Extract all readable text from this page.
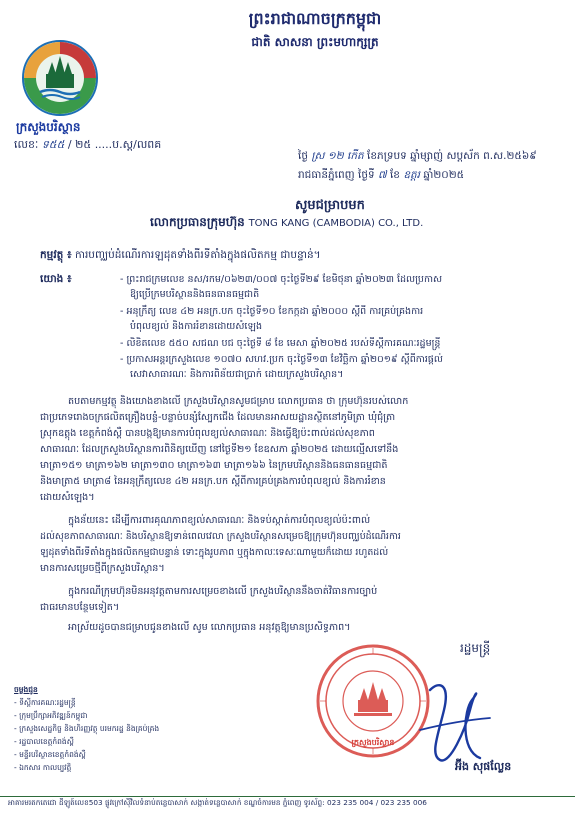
ព្រះរាជាណាចក្រកម្ពុជា
ជាតិ សាសនា ព្រះមហាក្សត្រ
ក្រសួងបរិស្ថាន
លេខៈ ទ៥៥ / ២៥ .....ប.ស្ត/លពគ
ថ្ងៃ ស្រ ១២ កើត ខែភទ្របទ ឆ្នាំម្សាញ់ សប្ដស័ក ព.ស.២៥៦៩
រាជធានីភ្នំពេញ ថ្ងៃទី ៧ ខែ ឧត្តរ ឆ្នាំ២០២៥
សូមជម្រាបមក
លោកប្រធានក្រុមហ៊ុន TONG KANG (CAMBODIA) CO., LTD.
កម្មវត្ថុ ៖ ការបញ្ឈប់ដំណើរការឡដុតទាំងពីរទីតាំងក្នុងផលិតកម្ម ជាបន្ទាន់។
យោង ៖	- ព្រះរាជក្រមលេខ នស/រកម/០៦២៣/០០៧ ចុះថ្ងៃទី២៩ ខែមិថុនា ឆ្នាំ២០២៣ ដែលប្រកាស
ឱ្យប្រើក្រមបរិស្ថាននិងធនធានធម្មជាតិ
- អនុក្រឹត្យ លេខ ៤២ អនក្រ.បក ចុះថ្ងៃទី១០ ខែកក្កដា ឆ្នាំ២០០០ ស្ដីពី ការគ្រប់គ្រងការ
បំពុលខ្យល់ និងការរំខានដោយសំឡេង
- លិខិតលេខ ៥៥០ សជណ បជ ចុះថ្ងៃទី ៨ ខែ មេសា ឆ្នាំ២០២៥ របស់ទីស្ដីការគណៈរដ្ឋមន្ត្រី
- ប្រកាសអន្តរក្រសួងលេខ ១០៧០ សហវ.ប្រក ចុះថ្ងៃទី១៣ ខែវិច្ឆិកា ឆ្នាំ២០១៩ ស្ដីពីការផ្ដល់
សេវាសាធារណៈ និងការពិន័យជាប្រាក់ ដោយក្រសួងបរិស្ថាន។
តបតាមកម្មវត្ថុ និងយោងខាងលើ ក្រសួងបរិស្ថានសូមជម្រាប លោកប្រធាន ថា ក្រុមហ៊ុនរបស់លោក
ជាប្រភេទរោងចក្រផលិតគ្រឿងបន្លំ-បន្លាច់បន្សំស្បែកជើង ដែលមានអាសយដ្ឋានស្ថិតនៅភូមិត្រា ឃុំជុំត្រា
ស្រុកឧត្ដុង ខេត្តកំពង់ស្ពឺ បានបង្កឱ្យមានការបំពុលខ្យល់សាធារណៈ និងធ្វើឱ្យប៉ះពាល់ដល់សុខភាព
សាធារណៈ ដែលក្រសួងបរិស្ថានការពិនិត្យឃើញ នៅថ្ងៃទី២១ ខែឧសភា ឆ្នាំ២០២៥ ដោយល្មើសទៅនឹង
មាត្រា១៥១ មាត្រា១៦២ មាត្រា១៣០ មាត្រា១៦៣ មាត្រា១៦៦ នៃក្រមបរិស្ថាននិងធនធានធម្មជាតិ
និងមាត្រា៥ មាត្រា៨ នៃអនុក្រឹត្យលេខ ៤២ អនក្រ.បក ស្ដីពីការគ្រប់គ្រងការបំពុលខ្យល់ និងការរំខាន
ដោយសំឡេង។
ក្នុងន័យនេះ ដើម្បីការពារគុណភាពខ្យល់សាធារណៈ និងទប់ស្កាត់ការបំពុលខ្យល់ប៉ះពាល់
ដល់សុខភាពសាធារណៈ និងបរិស្ថានឱ្យទាន់ពេលវេលា ក្រសួងបរិស្ថានសម្រេចឱ្យក្រុមហ៊ុនបញ្ឈប់ដំណើរការ
ឡដុតទាំងពីរទីតាំងក្នុងផលិតកម្មជាបន្ទាន់ ទោះក្នុងរូបភាព ឬក្នុងកាលៈទេសៈណាមួយក៏ដោយ រហូតដល់
មានការសម្រេចថ្មីពីក្រសួងបរិស្ថាន។
ក្នុងករណីក្រុមហ៊ុនមិនអនុវត្តតាមការសម្រេចខាងលើ ក្រសួងបរិស្ថាននឹងចាត់វិធានការច្បាប់
ជាធរមានបន្ថែមទៀត។
អាស្រ័យដូចបានជម្រាបជូនខាងលើ សូម លោកប្រធាន អនុវត្តឱ្យមានប្រសិទ្ធភាព។
រដ្ឋមន្ត្រី
ក្រសួងបរិស្ថាន
អ៊ីង សុផល្លែន
ចម្លងជូន
- ទីស្ដីការគណៈរដ្ឋមន្ត្រី
- ក្រុមប្រឹក្សាអភិវឌ្ឍន៍កម្ពុជា
- ក្រសួងសេដ្ឋកិច្ច និងហិរញ្ញវត្ថុ បរមករដ្ឋ និងគ្រប់គ្រង
- រដ្ឋបាលខេត្តកំពង់ស្ពឺ
- មន្ទីរបរិស្ថានខេត្តកំពង់ស្ពឺ
- ឯកសារ កាលប្បវត្តិ
អាគារមរតកតេជោ ដីឡូត៍លេខ503 ផ្លូវក្រៅស៊ីវិលទំនាប់តន្លេបាសាក់ សង្កាត់ទន្លេបាសាក់ ខណ្ឌចំការមន ភ្នំពេញ ទូរស័ព្ទ: 023 235 004 / 023 235 006
